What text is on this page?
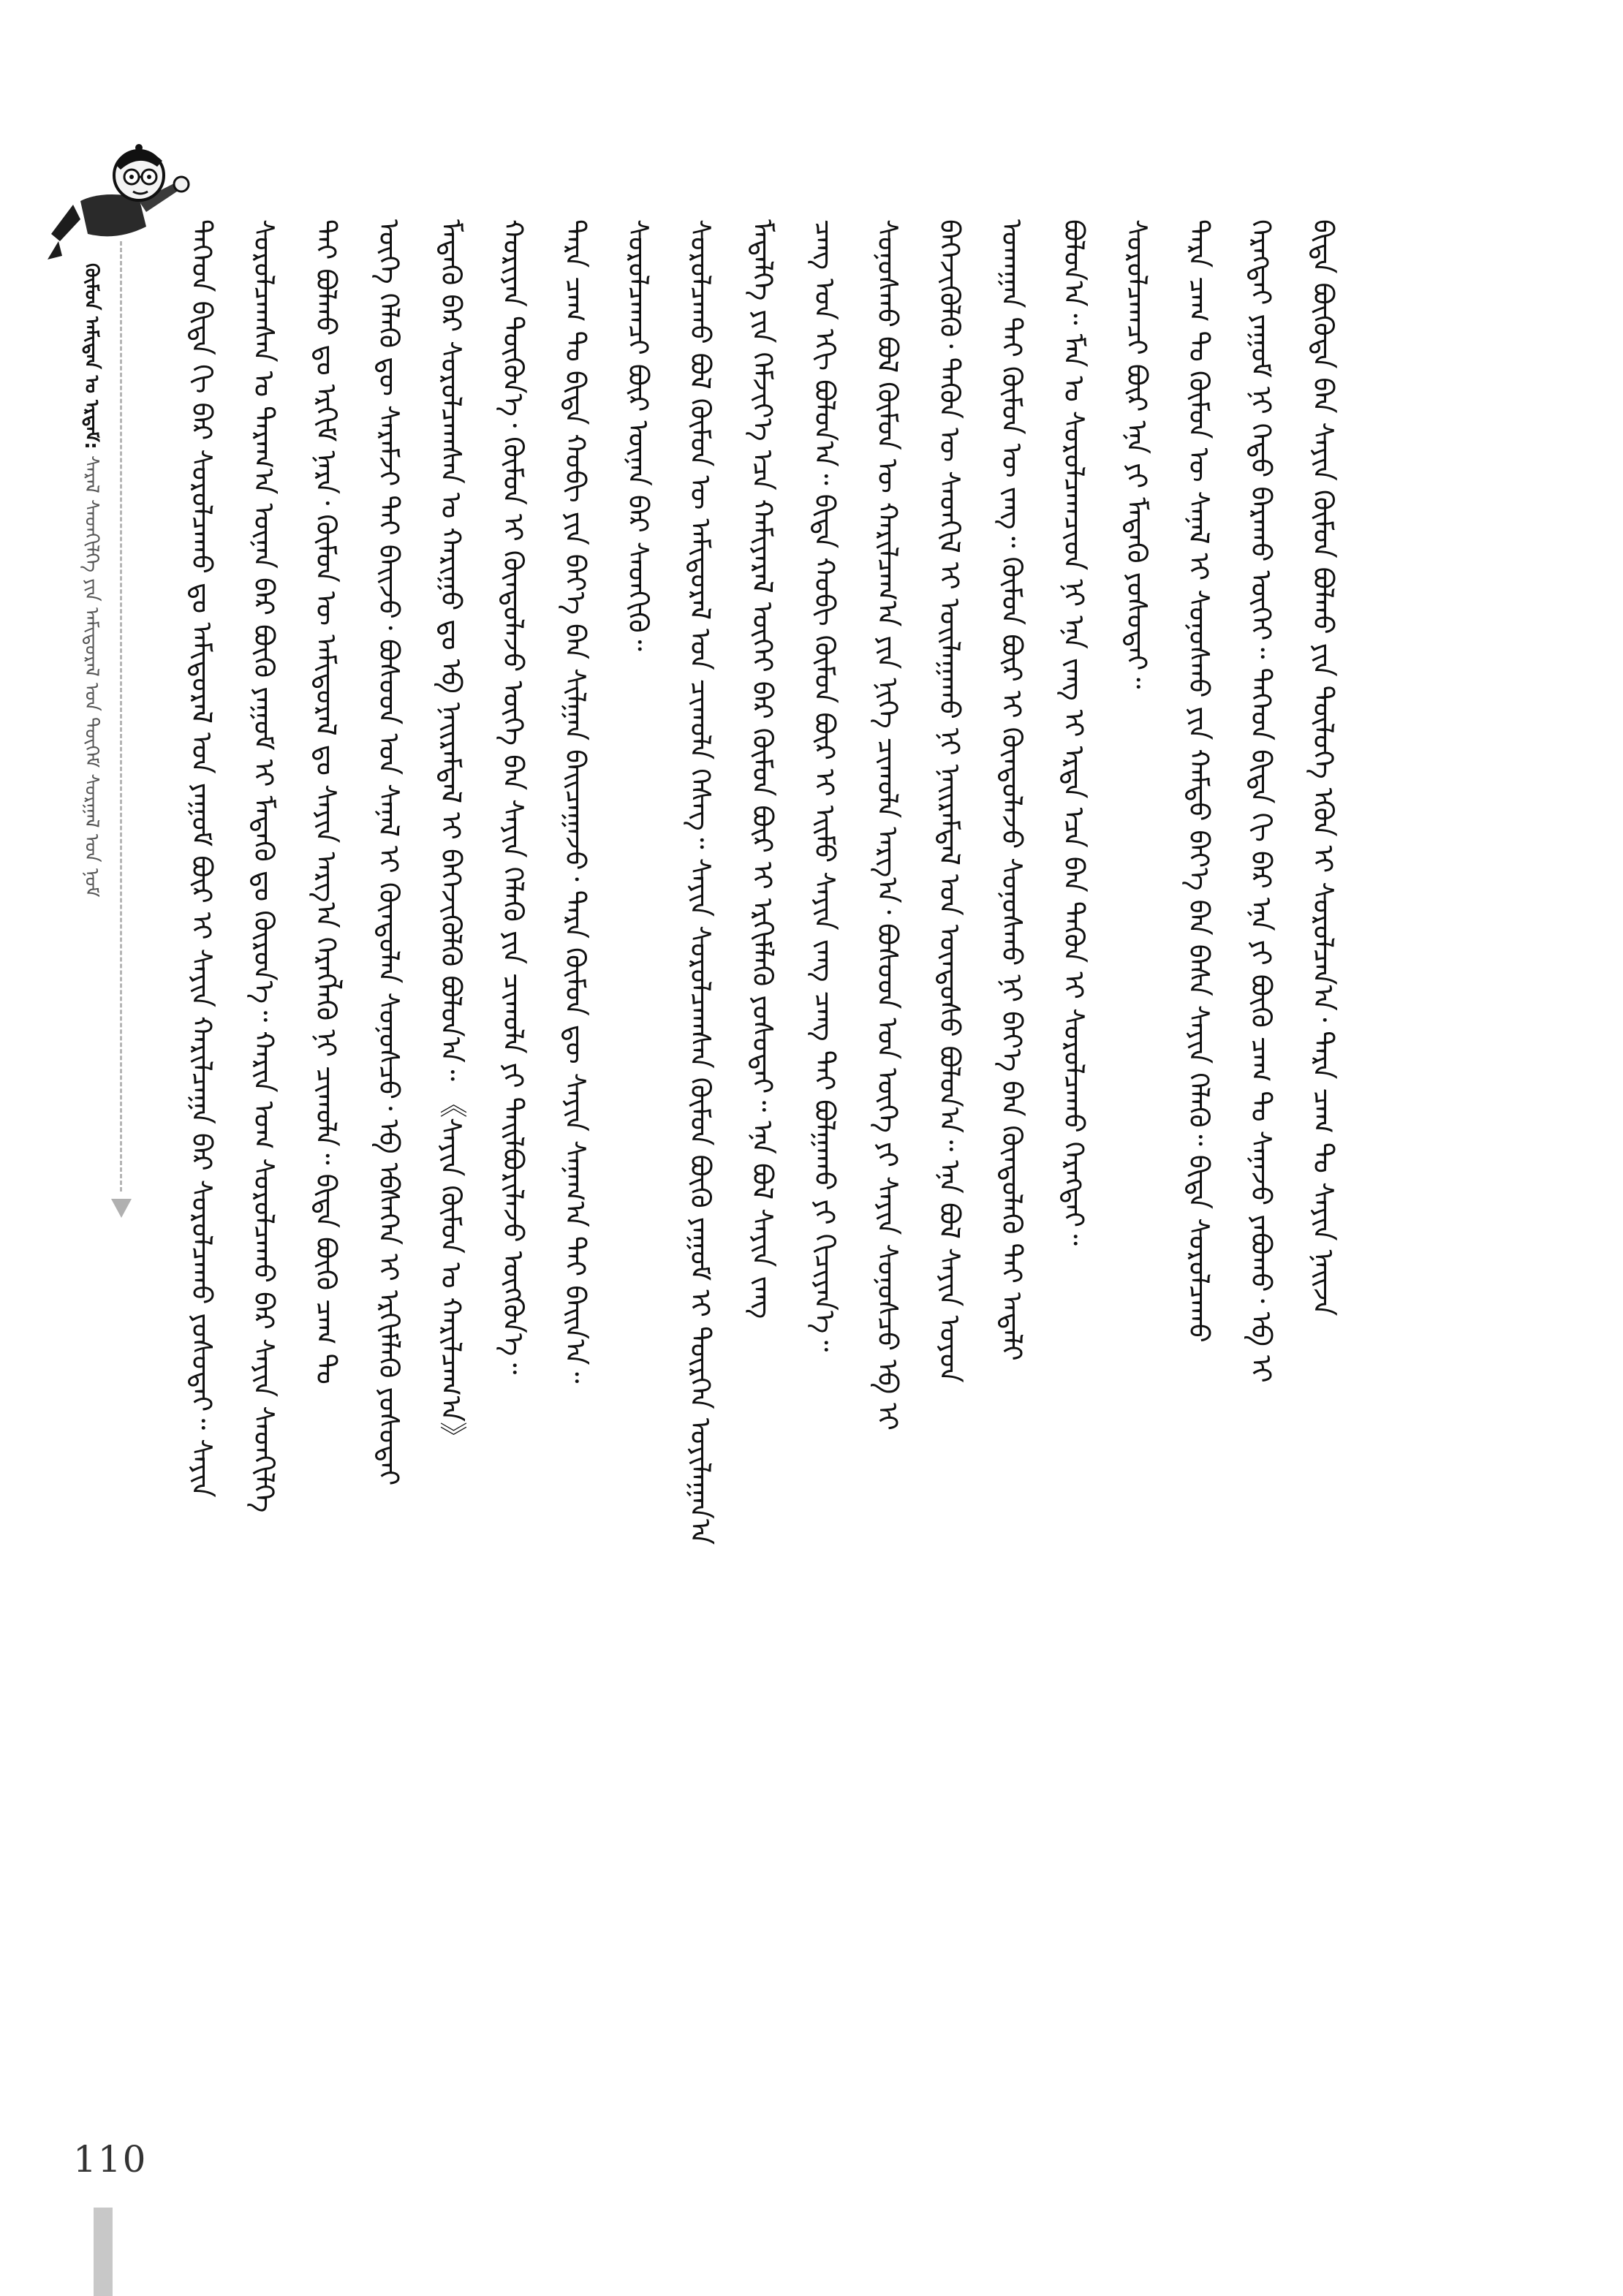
ᠬᠦᠮᠦᠨ ᠠᠮᠢᠲᠠᠨ ᠤ ᠡᠷᠲᠡᠮ: ᠰᠠᠷᠠᠯ ᠰᠡᠳᠬᠢᠯᠭᠡ ᠶᠢᠨ ᠠᠮᠢᠳᠤᠷᠠᠯ ᠤᠨ ᠳᠥᠭᠡᠮ ᠰᠤᠷᠭᠠᠯ ᠤᠨ ᠨᠣᠮ	ᠲᠡᠭᠡᠳ ᠪᠢᠳᠡ ᠬᠢ ᠪᠡᠷ ᠰᠤᠷᠤᠯᠴᠠᠬᠤ ᠳᠤ ᠠᠮᠢᠳᠤᠷᠠᠯ ᠤᠨ ᠶᠠᠭᠤᠮ ᠪᠦᠷ ᠢ ᠰᠠᠶᠢᠨ ᠬᠠᠷᠢᠯᠴᠠᠭᠠ ᠪᠡᠷ ᠰᠤᠷᠤᠯᠴᠠᠬᠤ ᠶᠤᠰᠤᠲᠠᠢ᠃ ᠰᠠᠶᠢᠨ ᠰᠤᠷᠤᠯᠴᠠᠭᠰᠠᠨ ᠤ ᠳᠠᠷᠠᠭ᠎ᠠ ᠦᠨᠡᠨ ᠪᠡᠷ ᠪᠦᠬᠦ ᠶᠠᠭᠤᠮ ᠢ ᠮᠡᠳᠡᠬᠦ ᠳᠤ ᠬᠦᠷᠦᠨ᠎ᠡ᠃ ᠬᠠᠷᠢᠨ ᠤᠭ ᠰᠤᠷᠤᠯᠴᠠᠬᠤ ᠪᠠᠷ ᠰᠠᠶᠢᠨ ᠰᠡᠳᠬᠢᠯᠭᠡ ᠲᠡᠢ ᠪᠣᠯᠬᠤ ᠳᠤ ᠡᠷᠬᠢᠮ ᠨᠡᠷᠡ᠂ ᠬᠦᠮᠦᠨ ᠦ ᠠᠮᠢᠳᠤᠷᠠᠯ ᠳᠤ ᠰᠠᠶᠢᠨ ᠠᠷᠭ᠎ᠠ ᠬᠡᠷᠡᠭᠯᠡᠬᠦ ᠨᠢ ᠴᠢᠬᠤᠯᠠ᠃ ᠪᠢᠳᠡ ᠪᠦᠬᠦ ᠴᠠᠭ ᠲᠤ ᠦᠭᠡ ᠬᠡᠯᠡᠬᠦ ᠳᠦ ᠰᠡᠷᠡᠮᠵᠢ ᠲᠡᠢ ᠪᠠᠢᠵᠤ᠂ ᠪᠤᠰᠤᠳ ᠤᠨ ᠰᠠᠨᠠᠯ ᠢ ᠬᠦᠨᠳᠦᠯᠡᠨ ᠰᠣᠨᠣᠰᠴᠤ᠂ ᠡᠪ ᠡᠪᠰᠡᠭᠡᠨ ᠢ ᠡᠷᠬᠢᠮᠯᠡᠬᠦ ᠶᠤᠰᠤᠲᠠᠢ ᠮᠡᠳᠡᠬᠦ ᠪᠠᠷ ᠰᠤᠷᠤᠯᠴᠠᠭᠰᠠᠨ ᠤ ᠬᠠᠷᠢᠭᠤ ᠳᠤ ᠡᠪ ᠨᠠᠢᠷᠠᠮᠳᠠᠯ ᠢ ᠪᠡᠬᠡᠵᠢᠭᠦᠯᠬᠦ ᠪᠣᠯᠣᠨ᠎ᠠ᠃ 《ᠰᠠᠶᠢᠨ ᠬᠦᠮᠦᠨ ᠤ ᠬᠠᠷᠢᠯᠴᠠᠭ᠎ᠠ》 ᠬᠤᠷᠢᠶᠠᠨ ᠳᠦᠭᠦᠨ᠎ᠡ᠂ ᠬᠦᠮᠦᠨ ᠢ ᠬᠦᠨᠳᠦᠯᠡᠵᠦ ᠦᠭᠡ ᠪᠡᠨ ᠰᠠᠶᠢᠨ ᠬᠡᠯᠡᠬᠦ ᠶᠢᠨ ᠴᠢᠬᠤᠯᠠ ᠶᠢ ᠲᠠᠢᠯᠪᠤᠷᠢᠯᠠᠵᠤ ᠦᠭᠭᠦᠨ᠎ᠡ᠃ ᠲᠡᠷᠡ ᠴᠠᠭ ᠲᠤ ᠪᠢᠳᠡ ᠬᠤᠪᠢ ᠶᠢᠨ ᠪᠡᠶ᠎ᠡ ᠪᠡᠨ ᠰᠢᠯᠭᠠᠨ ᠪᠠᠢᠴᠠᠭᠠᠵᠤ᠂ ᠲᠡᠷᠡ ᠬᠦᠮᠦᠨ ᠳᠦ ᠰᠠᠶᠢᠨ ᠰᠠᠨᠠᠭ᠎ᠠ ᠲᠡᠢ ᠪᠠᠢᠨ᠎ᠠ᠃ ᠰᠤᠷᠤᠯᠴᠠᠭᠴᠢ ᠪᠦᠷ ᠦᠨᠡᠨ ᠪᠡᠷ ᠰᠡᠳᠬᠢᠬᠦ᠃ ᠰᠤᠷᠤᠯᠴᠠᠬᠤ ᠪᠣᠯ ᠬᠦᠮᠦᠨ ᠦ ᠠᠮᠢᠳᠤᠷᠠᠯ ᠤᠨ ᠴᠢᠬᠤᠯᠠ ᠬᠡᠰᠡᠭ᠃ ᠰᠠᠶᠢᠨ ᠰᠤᠷᠤᠯᠴᠠᠭᠰᠠᠨ ᠬᠦᠮᠦᠨ ᠪᠦᠬᠦ ᠶᠠᠭᠤᠮ ᠢ ᠲᠦᠷᠭᠡᠨ ᠣᠶᠢᠯᠠᠭᠠᠨ᠎ᠠ ᠮᠡᠳᠡᠯᠭᠡ ᠶᠢᠨ ᠬᠡᠮᠵᠢᠶ᠎ᠡ ᠡᠴᠡ ᠬᠠᠮᠢᠶᠠᠷᠠᠯ ᠦᠭᠡᠢ ᠪᠡᠷ ᠬᠦᠮᠦᠨ ᠪᠦᠷ ᠢ ᠡᠷᠬᠢᠮᠯᠡᠬᠦ ᠶᠤᠰᠤᠲᠠᠢ᠃ ᠡᠨᠡ ᠪᠣᠯ ᠰᠠᠶᠢᠨ ᠵᠠᠩ ᠴᠠᠩ ᠤᠨ ᠡᠬᠢ ᠪᠣᠯᠣᠨ᠎ᠠ᠃ ᠪᠢᠳᠡ ᠬᠤᠪᠢ ᠬᠦᠮᠦᠨ ᠪᠦᠷ ᠢ ᠡᠢᠮᠦ ᠰᠠᠶᠢᠨ ᠵᠠᠩ ᠴᠠᠩ ᠲᠠᠢ ᠪᠣᠯᠭᠠᠬᠤ ᠶᠢ ᠬᠢᠴᠢᠶᠡᠨ᠎ᠡ᠃ ᠰᠣᠨᠣᠰᠬᠤ ᠪᠣᠯ ᠬᠦᠮᠦᠨ ᠦ ᠬᠠᠷᠢᠯᠴᠠᠭ᠎ᠠ ᠶᠢᠨ ᠨᠢᠭᠡ ᠴᠢᠬᠤᠯᠠ ᠠᠷᠭ᠎ᠠ᠂ ᠪᠤᠰᠤᠳ ᠤᠨ ᠦᠭᠡ ᠶᠢ ᠰᠠᠶᠢᠨ ᠰᠣᠨᠣᠰᠴᠤ ᠡᠪ ᠡᠢ ᠪᠡᠬᠡᠵᠢᠭᠦᠯᠬᠦ᠂ ᠲᠡᠭᠦᠨ ᠦ ᠰᠡᠳᠬᠢᠯ ᠢ ᠣᠢᠯᠠᠭᠠᠬᠤ ᠨᠢ ᠨᠠᠢᠷᠠᠮᠳᠠᠯ ᠤᠨ ᠦᠨᠳᠦᠰᠦ ᠪᠣᠯᠣᠨ᠎ᠠ᠃ ᠡᠨᠡ ᠪᠣᠯ ᠰᠠᠶᠢᠨ ᠣᠶᠤᠨ ᠤᠬᠠᠭᠠᠨ ᠲᠠᠢ ᠬᠦᠮᠦᠨ ᠦ ᠵᠠᠩ᠃ ᠬᠦᠮᠦᠨ ᠪᠦᠷ ᠢ ᠬᠦᠨᠳᠦᠯᠡᠵᠦ ᠰᠣᠨᠣᠰᠬᠤ ᠨᠢ ᠪᠡᠶ᠎ᠡ ᠪᠡᠨ ᠬᠦᠨᠳᠦᠯᠡᠬᠦ ᠲᠠᠢ ᠠᠳᠠᠯᠢ ᠪᠣᠯᠣᠨ᠎ᠠ᠃ ᠮᠠᠨ ᠤ ᠰᠤᠷᠤᠯᠴᠠᠭᠴᠢᠳ ᠨᠢ ᠡᠨᠡ ᠵᠠᠩ ᠢ ᠡᠷᠲᠡ ᠡᠴᠡ ᠪᠡᠨ ᠲᠡᠭᠦᠨ ᠢ ᠰᠤᠷᠤᠯᠴᠠᠬᠤ ᠬᠡᠷᠡᠭᠲᠡᠢ᠃ ᠰᠤᠷᠤᠯᠴᠠᠭᠴᠢ ᠪᠦᠷ ᠡᠨᠡ ᠶᠢ ᠮᠡᠳᠡᠬᠦ ᠶᠤᠰᠤᠲᠠᠢ᠃ ᠲᠡᠷᠡ ᠴᠠᠭ ᠲᠤ ᠬᠦᠮᠦᠨ ᠦ ᠰᠠᠨᠠᠯ ᠢ ᠰᠣᠨᠣᠰᠬᠤ ᠶᠢᠨ ᠬᠠᠮᠲᠤ ᠪᠡᠶ᠎ᠡ ᠪᠡᠨ ᠪᠠᠰᠠ ᠰᠠᠶᠢᠨ ᠬᠡᠯᠡᠬᠦ᠃ ᠪᠢᠳᠡ ᠰᠤᠷᠤᠯᠴᠠᠬᠤ ᠬᠡᠷᠡᠭᠲᠡᠢ ᠶᠠᠭᠤᠮ ᠨᠢ ᠬᠡᠳᠦ ᠪᠠᠷᠠᠬᠤ ᠦᠭᠡᠢ᠃ ᠲᠡᠭᠡᠳ ᠪᠢᠳᠡ ᠬᠢ ᠪᠡᠷ ᠡᠨᠡ ᠶᠢ ᠪᠦᠬᠦ ᠴᠠᠭ ᠲᠤ ᠰᠠᠨᠠᠵᠤ ᠶᠠᠪᠤᠬᠤ᠂ ᠡᠪ ᠡᠢ ᠪᠢᠳᠡ ᠪᠦᠬᠦᠳᠡ ᠪᠡᠨ ᠰᠠᠶᠢᠨ ᠬᠦᠮᠦᠨ ᠪᠣᠯᠬᠤ ᠶᠢᠨ ᠲᠥᠯᠥᠭᠡ ᠡᠭᠦᠨ ᠢ ᠰᠤᠷᠤᠯᠴᠠᠨ᠎ᠠ᠂ ᠲᠡᠷᠡ ᠴᠠᠭ ᠲᠤ ᠰᠠᠶᠢᠨ ᠨᠠᠢᠵᠠ
110
